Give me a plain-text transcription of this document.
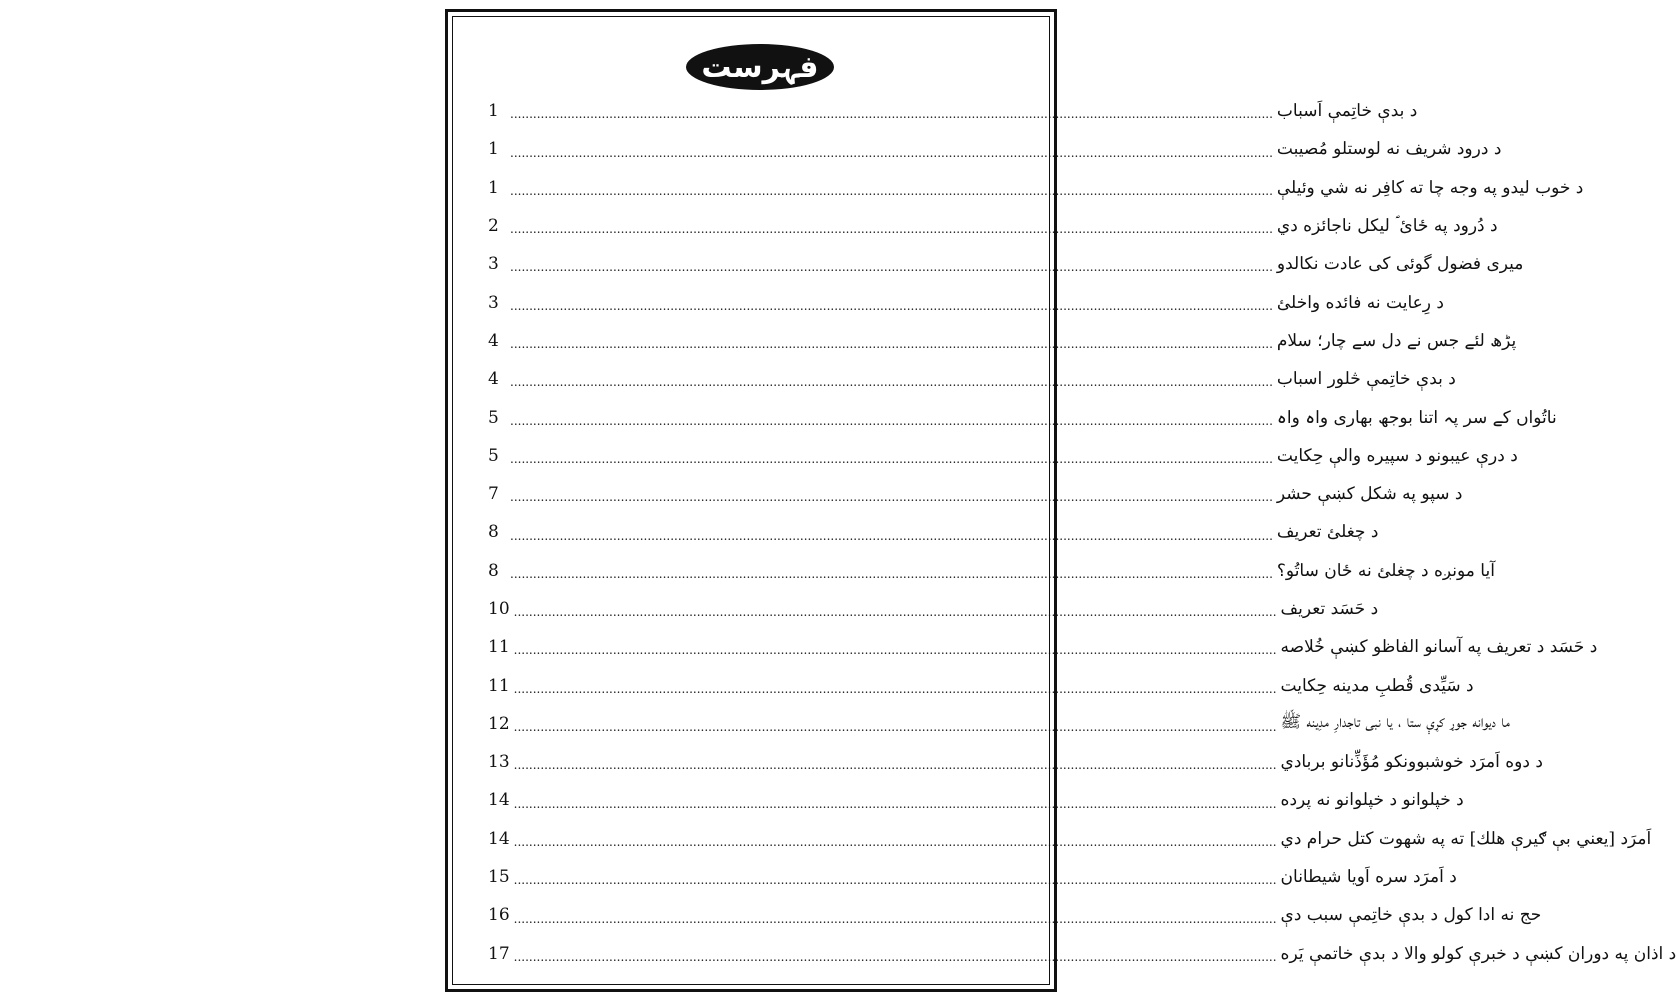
فہرست
1 ........................................................................................................................................................................................................ د بدې خاتِمې اَسباب
1 ........................................................................................................................................................................................................ د درود شريف نه لوستلو مُصيبت
1 ........................................................................................................................................................................................................ د خوب ليدو په وجه چا ته کافِر نه شي وئيلې
2 ........................................................................................................................................................................................................ د دُرود په ځائ ؐ ليکل ناجائزه دي
3 ........................................................................................................................................................................................................ میری فضول گوئی کی عادت نکالدو
3 ........................................................................................................................................................................................................ د رِعايت نه فائده واخلئ
4 ........................................................................................................................................................................................................ پڑھ لئے جس نے دل سے چار؛ سلام
4 ........................................................................................................................................................................................................ د بدې خاتِمې څلور اسباب
5 ........................................................................................................................................................................................................ ناتُواں کے سر پہ اتنا بوجھ بھاری واہ واہ
5 ........................................................................................................................................................................................................ د درې عيبونو د سپيره والې حِکايت
7 ........................................................................................................................................................................................................ د سپو په شکل کښې حشر
8 ........................................................................................................................................................................................................ د چغلئ تعريف
8 ........................................................................................................................................................................................................ آيا مونږه د چغلئ نه ځان ساتُو؟
10 ........................................................................................................................................................................................................ د حَسَد تعريف
11 ........................................................................................................................................................................................................ د حَسَد د تعريف په آسانو الفاظو کښې خُلاصه
11 ........................................................................................................................................................................................................ د سَيِّدى قُطبِ مدينه حِکايت
12 ........................................................................................................................................................................................................ ما ديوانه جوړ کړې ستا ، يا نبی تاجدارِ مدِينه ﷺ
13 ........................................................................................................................................................................................................ د دوه اَمرَد خوشبوونکو مُؤَذِّنانو بربادي
14 ........................................................................................................................................................................................................ د خپلوانو د خپلوانو نه پرده
14 ........................................................................................................................................................................................................ اَمرَد [يعني بې ګيرې هلك] ته په شهوت کتل حرام دي
15 ........................................................................................................................................................................................................ د اَمرَد سره اَويا شيطانان
16 ........................................................................................................................................................................................................ حج نه ادا کول د بدې خاتِمې سبب دې
17 ........................................................................................................................................................................................................ د اذان په دوران کښې د خبرې کولو والا د بدې خاتمې يَره
